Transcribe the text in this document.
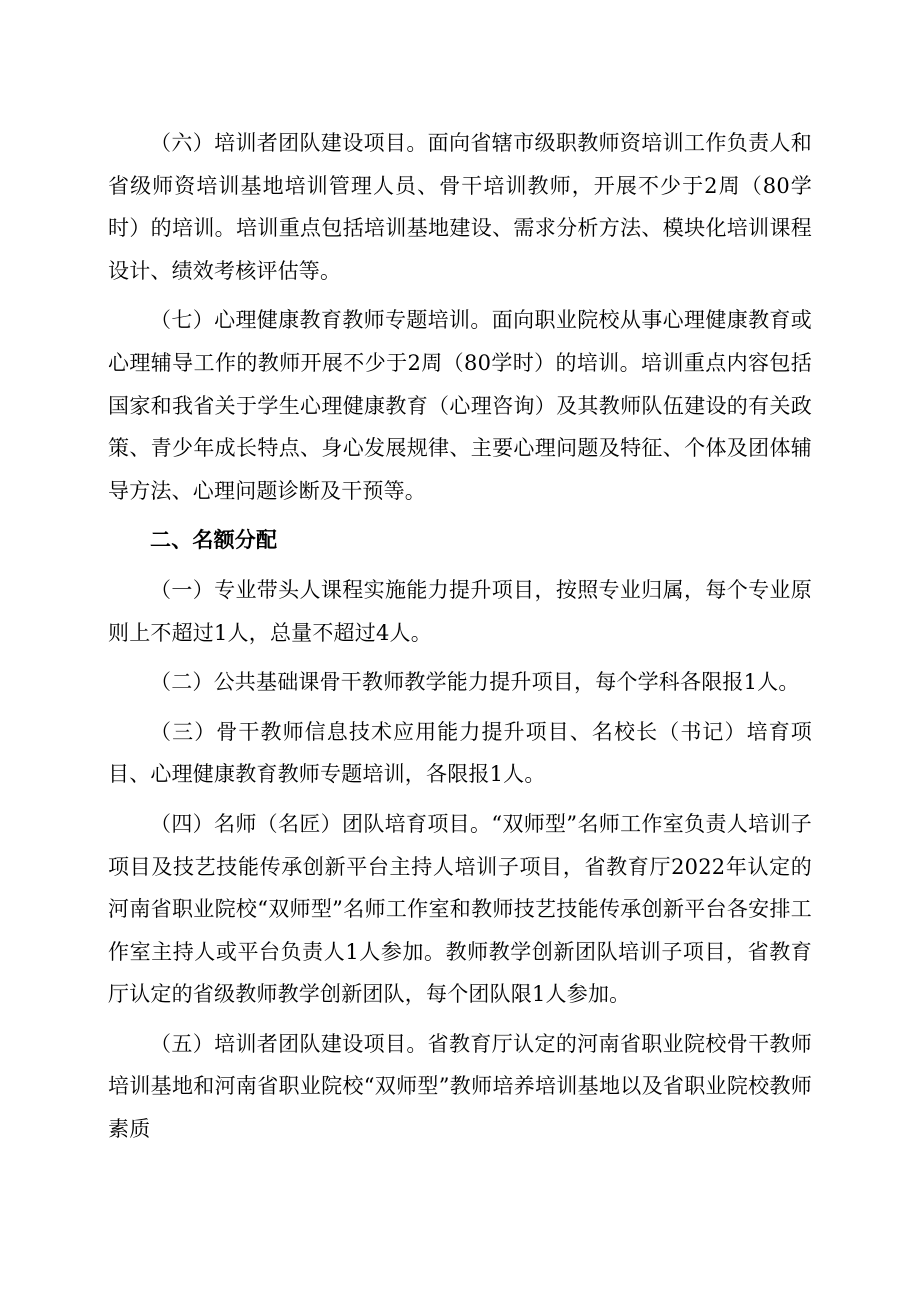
（六）培训者团队建设项目。面向省辖市级职教师资培训工作负责人和省级师资培训基地培训管理人员、骨干培训教师，开展不少于2周（80学时）的培训。培训重点包括培训基地建设、需求分析方法、模块化培训课程设计、绩效考核评估等。

（七）心理健康教育教师专题培训。面向职业院校从事心理健康教育或心理辅导工作的教师开展不少于2周（80学时）的培训。培训重点内容包括国家和我省关于学生心理健康教育（心理咨询）及其教师队伍建设的有关政策、青少年成长特点、身心发展规律、主要心理问题及特征、个体及团体辅导方法、心理问题诊断及干预等。

二、名额分配

（一）专业带头人课程实施能力提升项目，按照专业归属，每个专业原则上不超过1人，总量不超过4人。

（二）公共基础课骨干教师教学能力提升项目，每个学科各限报1人。

（三）骨干教师信息技术应用能力提升项目、名校长（书记）培育项目、心理健康教育教师专题培训，各限报1人。

（四）名师（名匠）团队培育项目。“双师型”名师工作室负责人培训子项目及技艺技能传承创新平台主持人培训子项目，省教育厅2022年认定的河南省职业院校“双师型”名师工作室和教师技艺技能传承创新平台各安排工作室主持人或平台负责人1人参加。教师教学创新团队培训子项目，省教育厅认定的省级教师教学创新团队，每个团队限1人参加。

（五）培训者团队建设项目。省教育厅认定的河南省职业院校骨干教师培训基地和河南省职业院校“双师型”教师培养培训基地以及省职业院校教师素质
